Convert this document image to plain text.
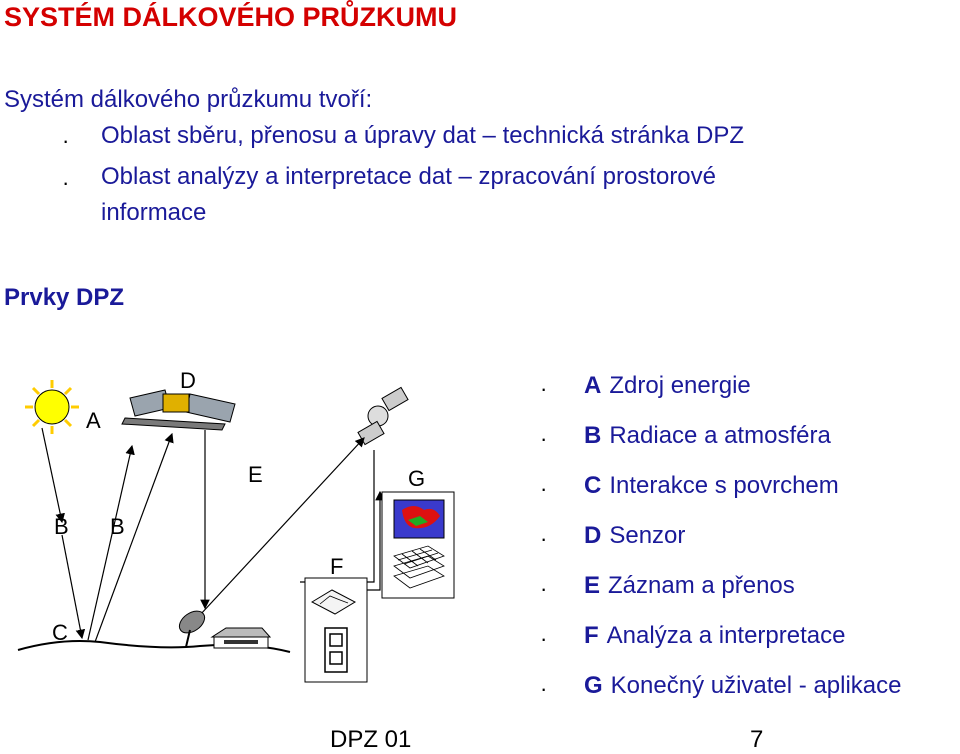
SYSTÉM DÁLKOVÉHO PRŮZKUMU
Systém dálkového průzkumu tvoří:
· Oblast sběru, přenosu a úpravy dat – technická stránka DPZ
· Oblast analýzy a interpretace dat – zpracování prostorové
informace
Prvky DPZ
A
B B
C
D
E
F
G
· A Zdroj energie
· B Radiace a atmosféra
· C Interakce s povrchem
· D Senzor
· E Záznam a přenos
· F Analýza a interpretace
· G Konečný uživatel - aplikace
DPZ 01	7
